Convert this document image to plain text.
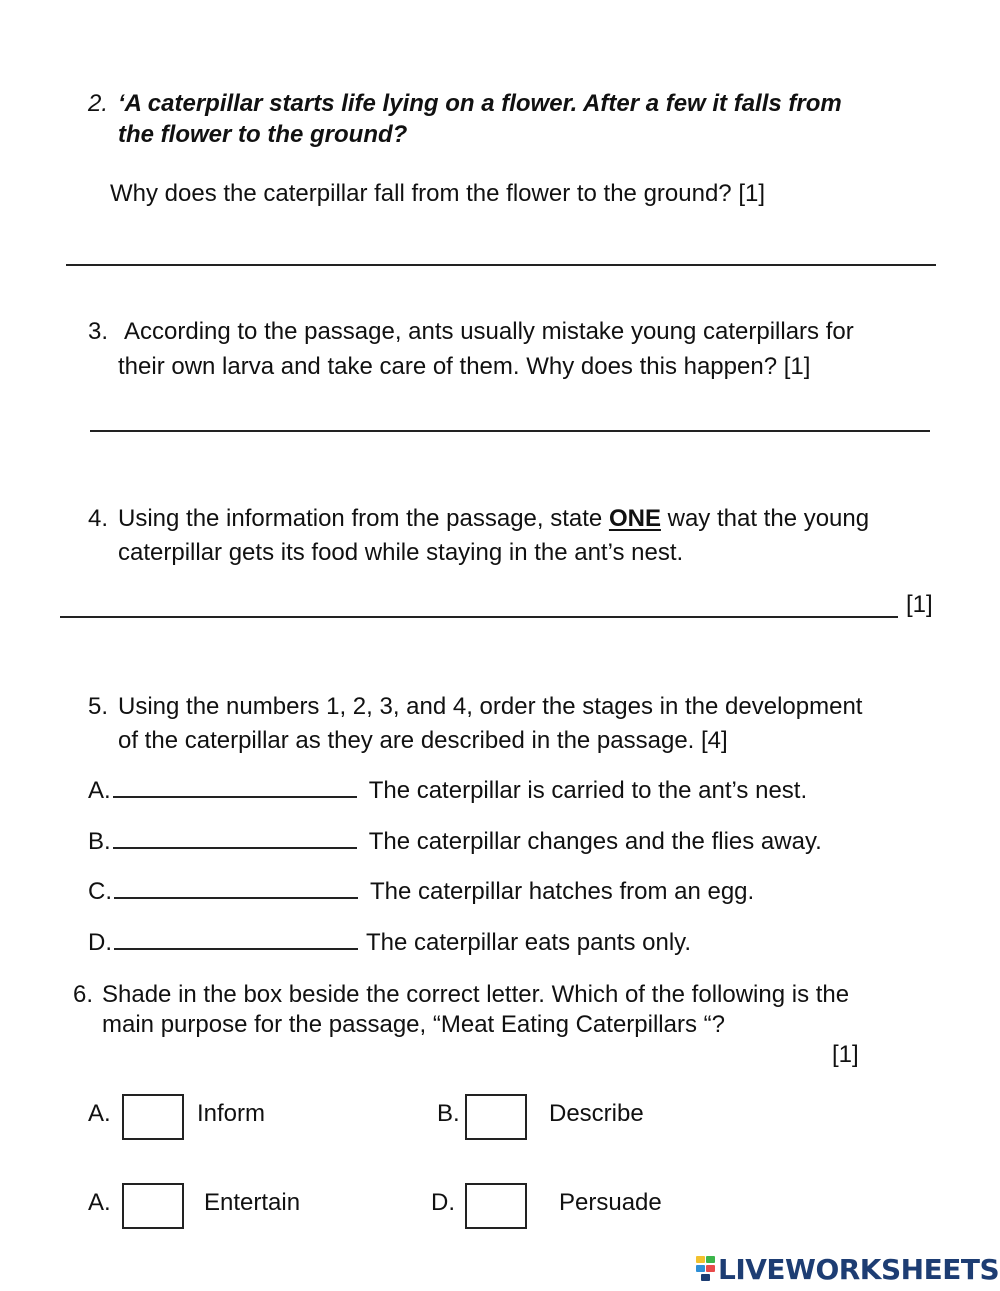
2. ‘A caterpillar starts life lying on a flower. After a few it falls from
the flower to the ground?
Why does the caterpillar fall from the flower to the ground? [1]
3. According to the passage, ants usually mistake young caterpillars for
their own larva and take care of them. Why does this happen? [1]
4. Using the information from the passage, state ONE way that the young
caterpillar gets its food while staying in the ant’s nest.
[1]
5. Using the numbers 1, 2, 3, and 4, order the stages in the development
of the caterpillar as they are described in the passage. [4]
A.	The caterpillar is carried to the ant’s nest.
B.	The caterpillar changes and the flies away.
C.	The caterpillar hatches from an egg.
D.	The caterpillar eats pants only.
6. Shade in the box beside the correct letter. Which of the following is the
main purpose for the passage, “Meat Eating Caterpillars “?
[1]
A.	Inform	B.	Describe
A.	Entertain	D.	Persuade
LIVEWORKSHEETS
